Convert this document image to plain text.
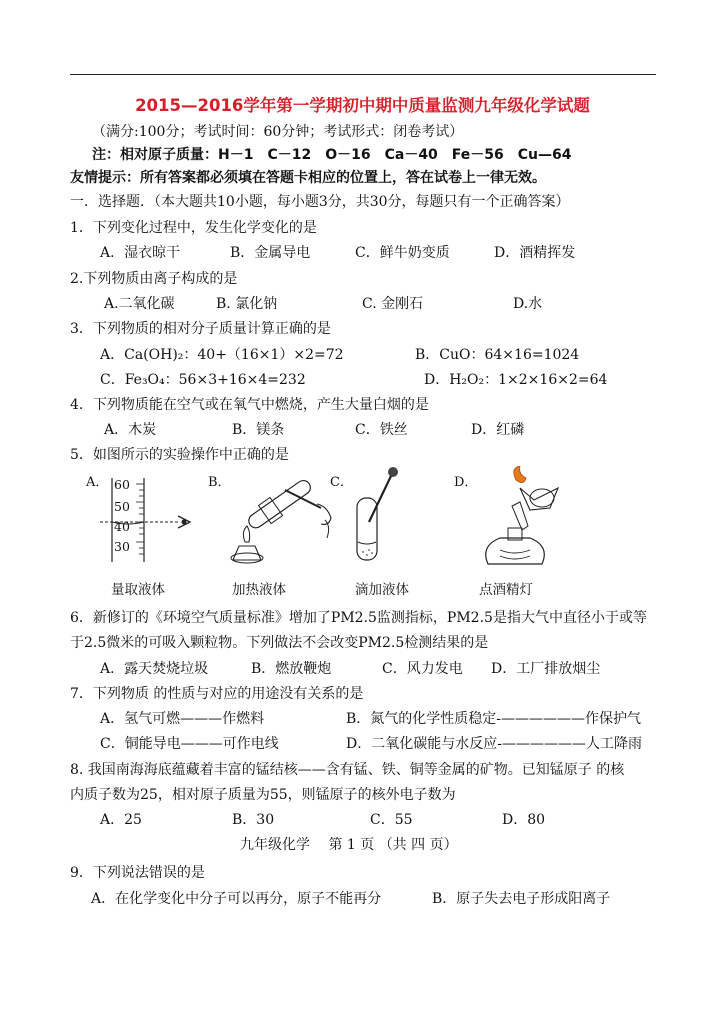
2015—2016学年第一学期初中期中质量监测九年级化学试题
（满分:100分；考试时间：60分钟；考试形式：闭卷考试）
注：相对原子质量：H－1　C－12　O－16　Ca－40　Fe－56　Cu—64
友情提示：所有答案都必须填在答题卡相应的位置上，答在试卷上一律无效。
一．选择题．（本大题共10小题，每小题3分，共30分，每题只有一个正确答案）
1．下列变化过程中，发生化学变化的是
A．湿衣晾干	B．金属导电	C．鲜牛奶变质	D．酒精挥发
2.下列物质由离子构成的是
A.二氧化碳	B. 氯化钠	C. 金刚石	D.水
3．下列物质的相对分子质量计算正确的是
A．Ca(OH)₂：40+（16×1）×2=72	B．CuO：64×16=1024
C．Fe₃O₄：56×3+16×4=232	D．H₂O₂：1×2×16×2=64
4．下列物质能在空气或在氧气中燃烧，产生大量白烟的是
A．木炭	B．镁条	C．铁丝	D．红磷
5．如图所示的实验操作中正确的是
A．	B．	C．	D．
60
50
40
30
量取液体	加热液体	滴加液体	点酒精灯
6．新修订的《环境空气质量标准》增加了PM2.5监测指标，PM2.5是指大气中直径小于或等
于2.5微米的可吸入颗粒物。下列做法不会改变PM2.5检测结果的是
A．露天焚烧垃圾	B．燃放鞭炮	C．风力发电 D．工厂排放烟尘
7．下列物质 的性质与对应的用途没有关系的是
A．氢气可燃———作燃料	B．氮气的化学性质稳定-——————作保护气
C．铜能导电———可作电线	D．二氧化碳能与水反应-——————人工降雨
8. 我国南海海底蕴藏着丰富的锰结核——含有锰、铁、铜等金属的矿物。已知锰原子 的核
内质子数为25，相对原子质量为55，则锰原子的核外电子数为
A．25	B．30	C．55	D．80
九年级化学　 第 1 页 （共 四 页）
9．下列说法错误的是
A．在化学变化中分子可以再分，原子不能再分	B．原子失去电子形成阳离子
